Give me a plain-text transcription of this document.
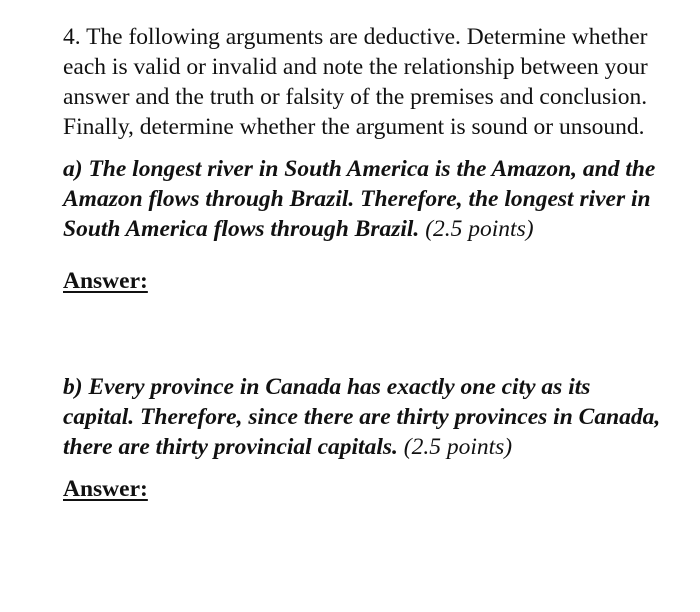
4. The following arguments are deductive. Determine whether each is valid or invalid and note the relationship between your answer and the truth or falsity of the premises and conclusion. Finally, determine whether the argument is sound or unsound.

a) The longest river in South America is the Amazon, and the Amazon flows through Brazil. Therefore, the longest river in South America flows through Brazil. (2.5 points)

Answer:

b) Every province in Canada has exactly one city as its capital. Therefore, since there are thirty provinces in Canada, there are thirty provincial capitals. (2.5 points)

Answer:
